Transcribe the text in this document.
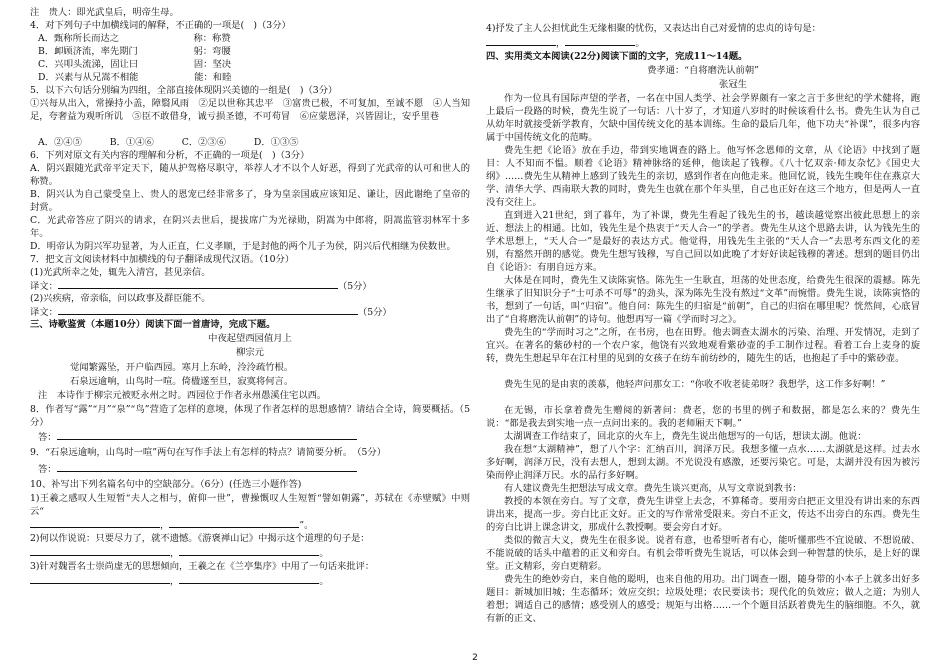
注　贵人：即光武皇后，明帝生母。
4．对下列句子中加横线词的解释，不正确的一项是(　)（3分）
A．甄称所长而达之　　　　　　　　称：称赞
B．卹顾济流，率先期门　　　　　　躬：弯腰
C．兴叩头流涕，固让曰　　　　　　固：坚决
D．兴素与从兄嵩不相能　　　　　　能：和睦
5．以下六句话分别编为四组，全部直接体现阴兴美德的一组是(　)（3分）
①兴每从出入，常操持小盖，障翳风雨　②足以世称其忠平　③富贵已极，不可复加，至诚不愿　④人当知足，夸奢益为观听所讥　⑤臣不敢借身，诚亏损圣德，不可苟冒　⑥应蒙恩泽，兴皆固让，安乎里巷
A．②④⑤　　　B．①④⑥　　　C．②③⑥　　　D．①③⑤
6．下列对原文有关内容的理解和分析，不正确的一项是(　)（3分）
A．阴兴跟随光武帝平定天下，随从护驾格尽职守，举荐人才不以个人好恶，得到了光武帝的认可和世人的称赞。
B．阴兴认为自己蒙受皇上、贵人的恩宠已经非常多了，身为皇亲国戚应该知足、谦让，因此谢绝了皇帝的封赏。
C．光武帝答应了阴兴的请求，在阴兴去世后，提拔席广为光禄勋，阴嵩为中郎将，阴嵩监管羽林军十多年。
D．明帝认为阴兴军功显著，为人正直，仁义孝顺，于是封他的两个儿子为侯，阴兴后代相继为侯数世。
7．把文言文阅读材料中加横线的句子翻译成现代汉语。（10分）
(1)光武所幸之处，辄先入清宫，甚见亲信。
译文：	（5分）
(2)兴疾病，帝亲临，问以政事及群臣能不。
译文：	（5分）
三、诗歌鉴赏（本题10分）阅读下面一首唐诗，完成下题。
中夜起望西园值月上
柳宗元
觉闻繁露坠，开户临西园。寒月上东岭，泠泠疏竹根。
石泉远逾响，山鸟时一喧。倚楹遂至旦，寂寞将何言。
注　本诗作于柳宗元被贬永州之时。西园位于作者永州愚溪住宅以西。
8．作者写“露”“月”“泉”“鸟”营造了怎样的意境，体现了作者怎样的思想感情？请结合全诗，简要概括。（5分）
答：
9．“石泉远逾响，山鸟时一喧”两句在写作手法上有怎样的特点？请简要分析。　（5分）
答：
10、补写出下列名篇名句中的空缺部分。（6分）(任选三小题作答)
1)王羲之感叹人生短暂“夫人之相与，俯仰一世”，曹操慨叹人生短暂“譬如朝露”，苏轼在《赤壁赋》中则云“
，	”。
2)何以作说说：只要尽力了，就不遗憾。《游褒禅山记》中揭示这个道理的句子是：
，	。
3)针对魏晋名士崇尚虚无的思想倾向，王羲之在《兰亭集序》中用了一句话来批评：
，	。
4)抒发了主人公担忧此生无缘相聚的忧伤，又表达出自己对爱情的忠贞的诗句是：
，	。
四、实用类文本阅读(22分)阅读下面的文字，完成11～14题。
费孝通：“自将磨洗认前朝”
张冠生
作为一位具有国际声望的学者，一名在中国人类学、社会学界颇有一家之言于多世纪的学术健将，跑上最后一段路的时候，费先生说了一句话：八十岁了，才知道八岁时的时候该看什么书。费先生认为自己从幼年时就接受新学教育，欠缺中国传统文化的基本训练。生命的最后几年，他下功夫“补课”，很多内容属于中国传统文化的范畴。
费先生把《论语》放在手边，带到实地调查的路上。他写怀念恩师的文章，从《论语》中找到了题目：人不知而不愠。顺着《论语》精神脉络的延伸，他读起了钱穆。《八十忆双亲·师友杂忆》《国史大纲》……费先生从精神上感到了钱先生的亲切，感到作者在向他走来。他回忆说，钱先生晚年住在燕京大学、清华大学、西南联大教的同时，费先生也就在那个年头里，自己也正好在这三个地方，但是两人一直没有交往上。
直到进入21世纪，到了暮年，为了补课，费先生看起了钱先生的书，越读越觉察出彼此思想上的亲近、想法上的相通。比如，钱先生是个热衷于“天人合一”的学者。费先生从这个思路去讲，认为钱先生的学术思想上，“天人合一”是最好的表达方式。他觉得，用钱先生主张的“天人合一”去思考东西文化的差别，有豁然开朗的感觉。费先生想写钱穆，写自己回以如此晚了才好好读起钱穆的著述。想到的题目仍出自《论语》：有朋自远方来。
大体是在同时，费先生又读陈寅恪。陈先生一生耿直，坦荡的处世态度，给费先生很深的震撼。陈先生继承了旧知识分子“士可杀不可辱”的劲头，深为陈先生没有熬过“文革”而惋惜。费先生说，读陈寅恪的书，想到了一句话，叫“归宿”。他自问：陈先生的归宿是“前朝”，自己的归宿在哪里呢？恍然间，心底冒出了“自将磨洗认前朝”的诗句。他想再写一篇《学而时习之》。
费先生的“学而时习之”之所，在书房，也在田野。他去调查太湖水的污染、治理、开发情况，走到了宜兴。在著名的紫砂村的一个农户家，他饶有兴致地观看紫砂壶的手工制作过程。看着工台上麦身的旋转，费先生想起早年在江村里的见到的女孩子在纺车前纺纱的，随先生的话，也抱起了手中的紫砂壶。
费先生见的是由衷的羡慕，他轻声问那女工：“你收不收老徒弟呀？我想学，这工作多好啊！”
在无锡，市长拿着费先生赠阅的新著问：费老，您的书里的例子和数据，都是怎么来的？费先生说：“都是我去到实地一点一点问出来的。我的老师厢天下啊。”
太湖调查工作结束了，回北京的火车上，费先生说出他想写的一句话，想读太湖。他说：
我在想“太湖精神”，想了八个字：汇纳百川，润泽万民。我想多懂一点水……太湖就是这样。过去水多好啊，润泽万民，没有去想人，想到太湖。不光说没有感激，还要污染它。可是，太湖并没有因为被污染而停止润泽万民。水的品行多好啊。
有人建议费先生把想法写成文章。费先生谈兴更高，从写文章说到教书：
教授的本领在旁白。写了文章，费先生讲堂上去念，不算稀奇。要用旁白把正文里没有讲出来的东西讲出来，提高一步。旁白比正文好。正文的写作常常受限来。旁白不正文，传达不出旁白的东西。费先生的旁白比讲上课念讲文，那成什么教授啊。要会旁白才好。
类似的微言大义，费先生在很多说。说者有意，也希望听者有心，能听懂那些不宜说破、不想说破、不能说破的话头中蕴着的正义和旁白。有机会带听费先生说话，可以体会到一种智慧的快乐，是上好的课堂。正文精彩，旁白更精彩。
费先生的绝妙旁白，来自他的聪明，也来自他的用功。出门调查一圈，随身带的小本子上就多出好多题目：新城加旧城；生态循环；效应交织；垃圾处理；农民要读书；现代化的负效应；做人之道；为别人着想；调适自己的感情；感受别人的感受；规矩与出格……一个个题目活跃着费先生的脑细胞。不久，就有新的正文、
2
